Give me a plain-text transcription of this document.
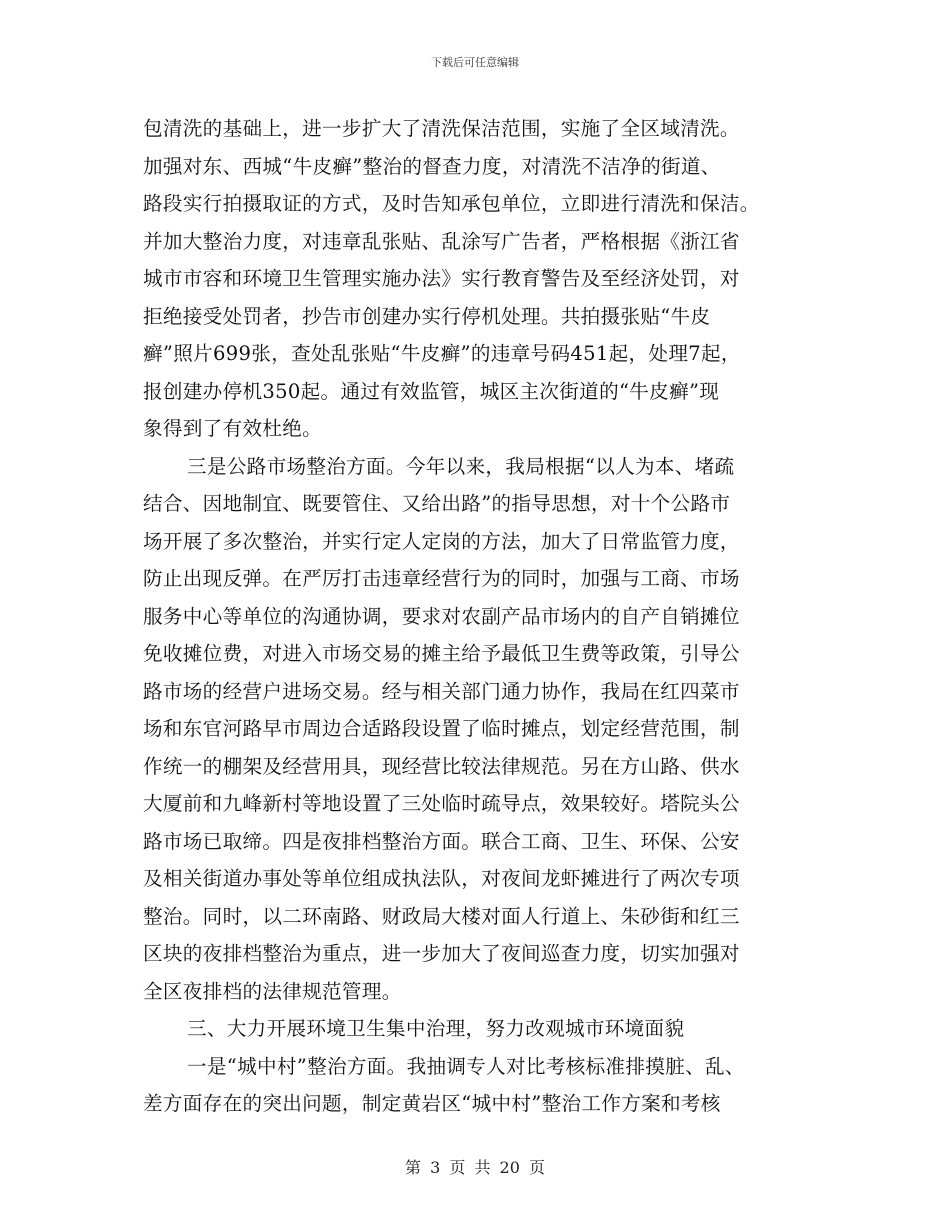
下载后可任意编辑
包清洗的基础上，进一步扩大了清洗保洁范围，实施了全区域清洗。
加强对东、西城“牛皮癣”整治的督查力度，对清洗不洁净的街道、
路段实行拍摄取证的方式，及时告知承包单位，立即进行清洗和保洁。
并加大整治力度，对违章乱张贴、乱涂写广告者，严格根据《浙江省
城市市容和环境卫生管理实施办法》实行教育警告及至经济处罚，对
拒绝接受处罚者，抄告市创建办实行停机处理。共拍摄张贴“牛皮
癣”照片699张，查处乱张贴“牛皮癣”的违章号码451起，处理7起，
报创建办停机350起。通过有效监管，城区主次街道的“牛皮癣”现
象得到了有效杜绝。
三是公路市场整治方面。今年以来，我局根据“以人为本、堵疏
结合、因地制宜、既要管住、又给出路”的指导思想，对十个公路市
场开展了多次整治，并实行定人定岗的方法，加大了日常监管力度，
防止出现反弹。在严厉打击违章经营行为的同时，加强与工商、市场
服务中心等单位的沟通协调，要求对农副产品市场内的自产自销摊位
免收摊位费，对进入市场交易的摊主给予最低卫生费等政策，引导公
路市场的经营户进场交易。经与相关部门通力协作，我局在红四菜市
场和东官河路早市周边合适路段设置了临时摊点，划定经营范围，制
作统一的棚架及经营用具，现经营比较法律规范。另在方山路、供水
大厦前和九峰新村等地设置了三处临时疏导点，效果较好。塔院头公
路市场已取缔。四是夜排档整治方面。联合工商、卫生、环保、公安
及相关街道办事处等单位组成执法队，对夜间龙虾摊进行了两次专项
整治。同时，以二环南路、财政局大楼对面人行道上、朱砂街和红三
区块的夜排档整治为重点，进一步加大了夜间巡查力度，切实加强对
全区夜排档的法律规范管理。
三、大力开展环境卫生集中治理，努力改观城市环境面貌
一是“城中村”整治方面。我抽调专人对比考核标准排摸脏、乱、
差方面存在的突出问题，制定黄岩区“城中村”整治工作方案和考核
第 3 页 共 20 页
